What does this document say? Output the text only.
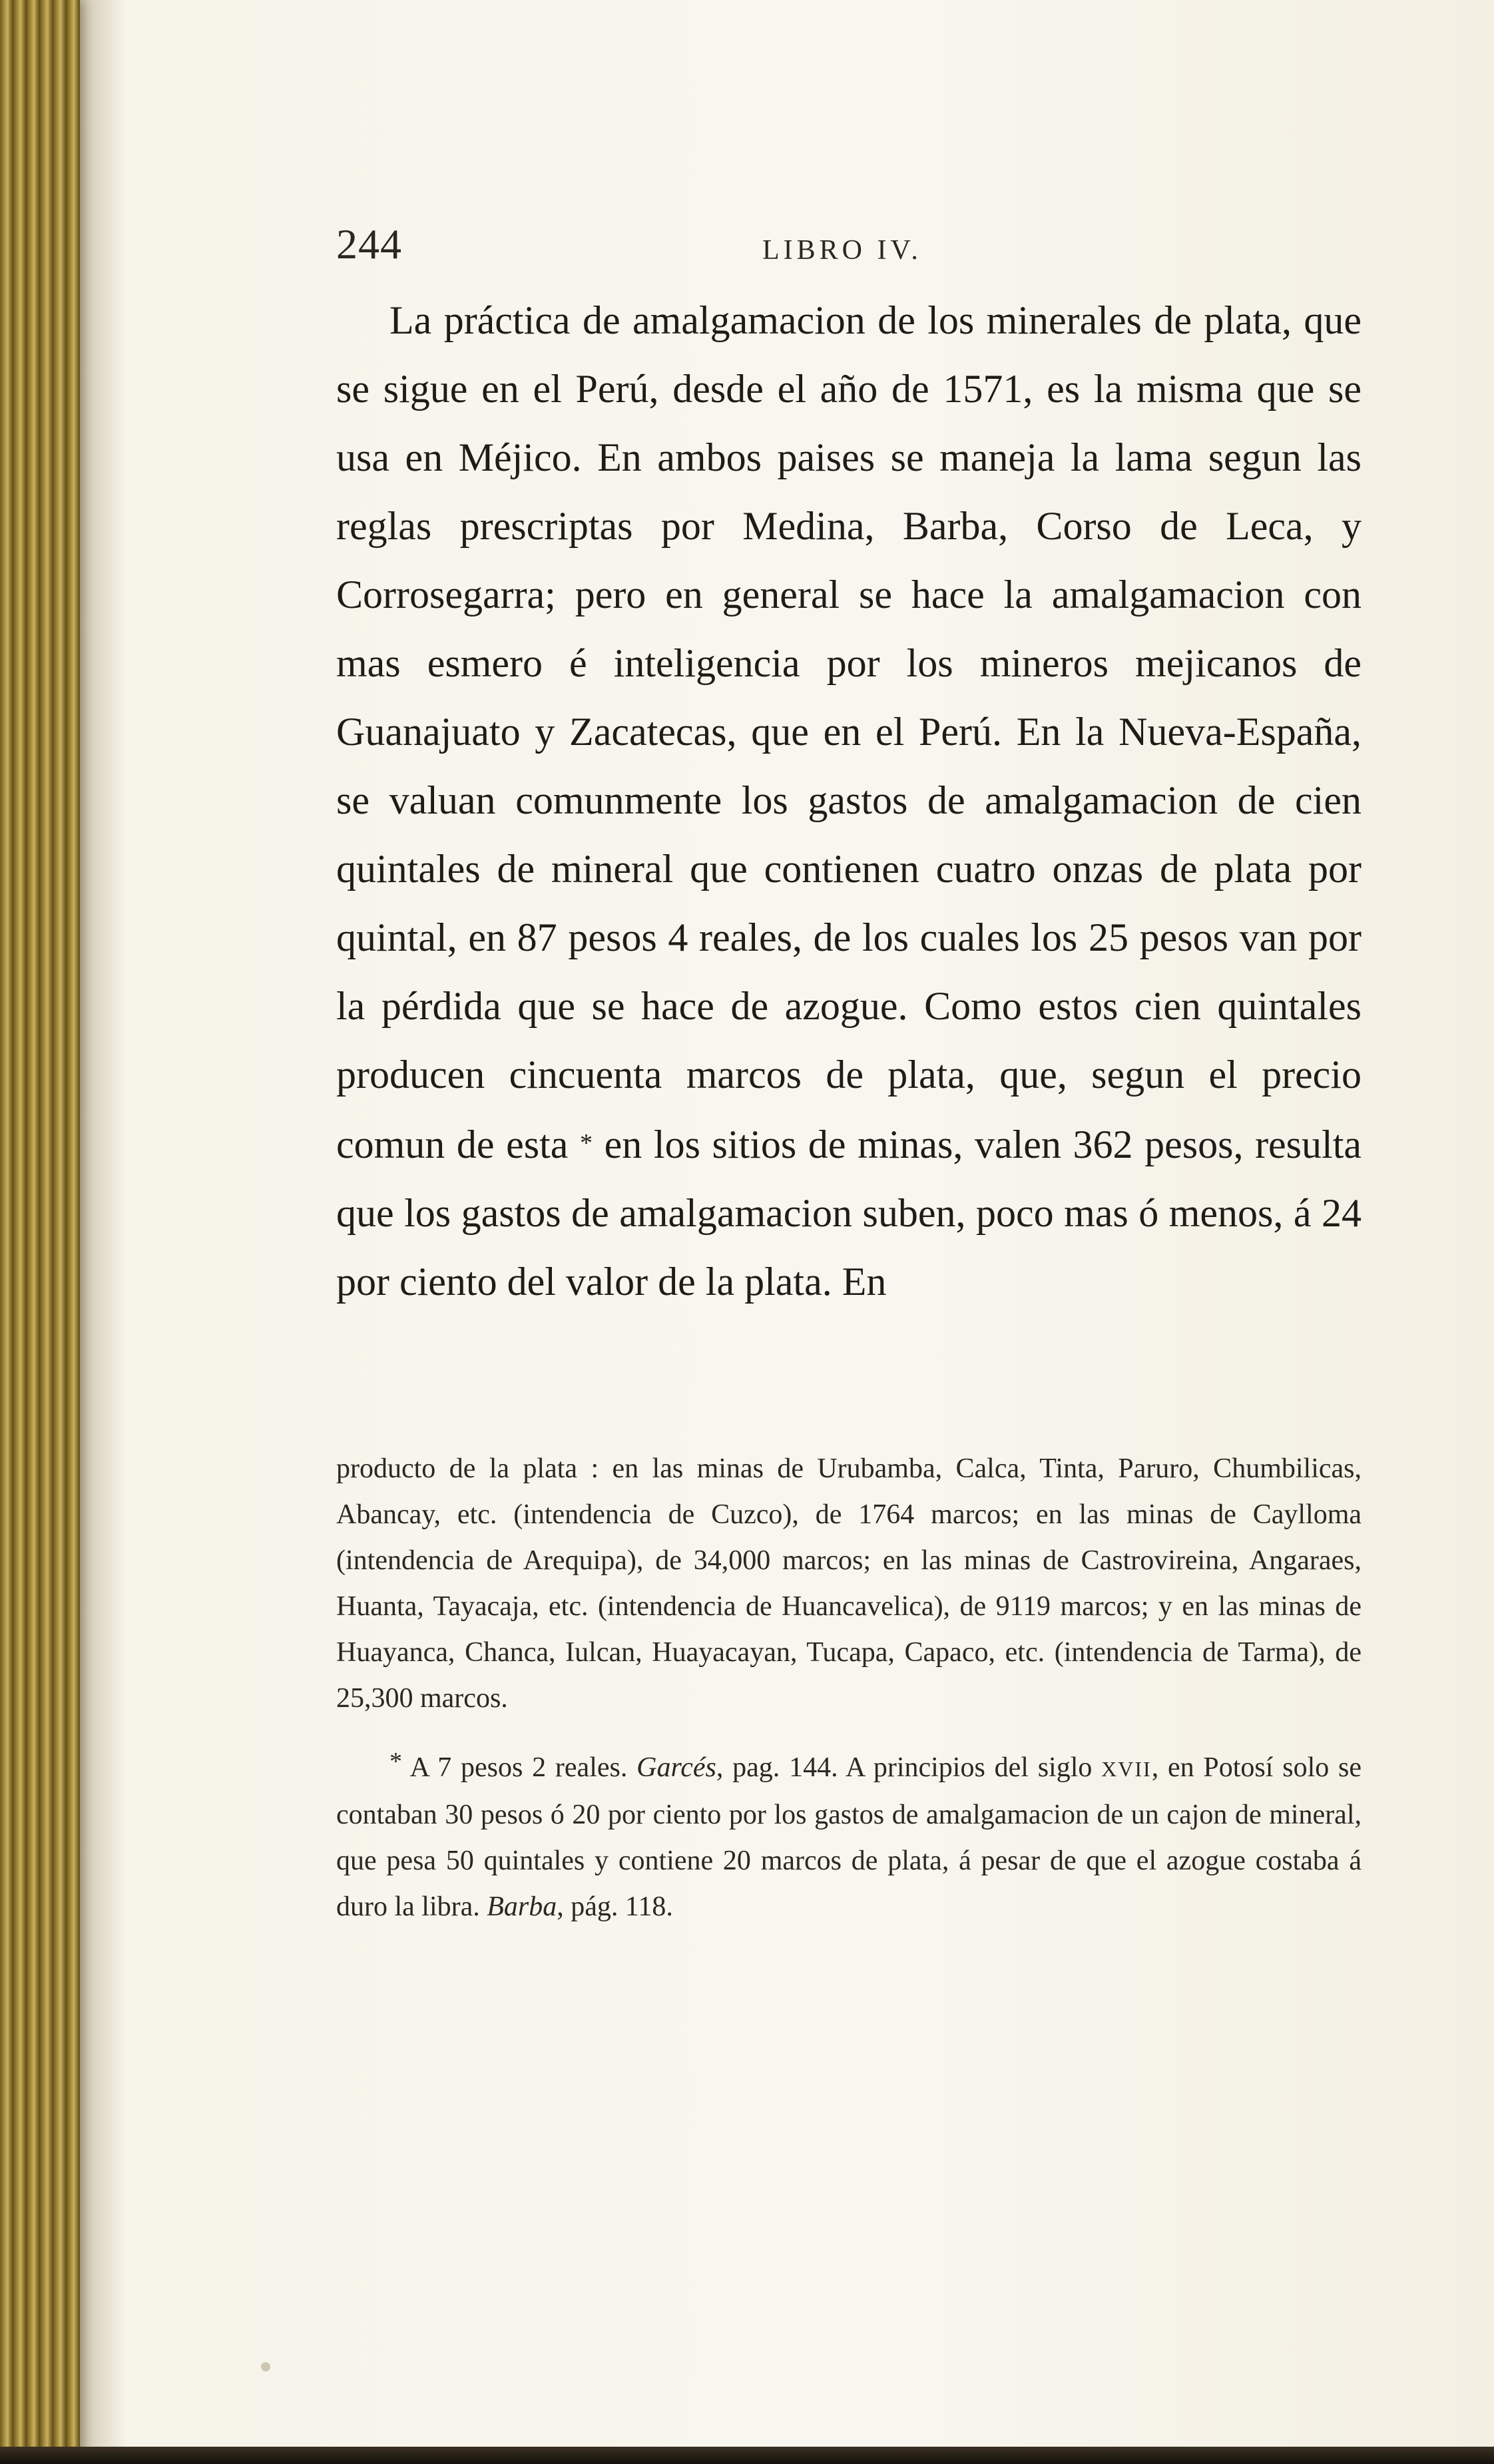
244	LIBRO IV.

La práctica de amalgamacion de los minerales de plata, que se sigue en el Perú, desde el año de 1571, es la misma que se usa en Méjico. En ambos paises se maneja la lama segun las reglas prescriptas por Medina, Barba, Corso de Leca, y Corrosegarra; pero en general se hace la amalgamacion con mas esmero é inteligencia por los mineros mejicanos de Guanajuato y Zacatecas, que en el Perú. En la Nueva-España, se valuan comunmente los gastos de amalgamacion de cien quintales de mineral que contienen cuatro onzas de plata por quintal, en 87 pesos 4 reales, de los cuales los 25 pesos van por la pérdida que se hace de azogue. Como estos cien quintales producen cincuenta marcos de plata, que, segun el precio comun de esta * en los sitios de minas, valen 362 pesos, resulta que los gastos de amalgamacion suben, poco mas ó menos, á 24 por ciento del valor de la plata. En

producto de la plata : en las minas de Urubamba, Calca, Tinta, Paruro, Chumbilicas, Abancay, etc. (intendencia de Cuzco), de 1764 marcos; en las minas de Caylloma (intendencia de Arequipa), de 34,000 marcos; en las minas de Castrovireina, Angaraes, Huanta, Tayacaja, etc. (intendencia de Huancavelica), de 9119 marcos; y en las minas de Huayanca, Chanca, Iulcan, Huayacayan, Tucapa, Capaco, etc. (intendencia de Tarma), de 25,300 marcos.

* A 7 pesos 2 reales. Garcés, pag. 144. A principios del siglo XVII, en Potosí solo se contaban 30 pesos ó 20 por ciento por los gastos de amalgamacion de un cajon de mineral, que pesa 50 quintales y contiene 20 marcos de plata, á pesar de que el azogue costaba á duro la libra. Barba, pág. 118.
